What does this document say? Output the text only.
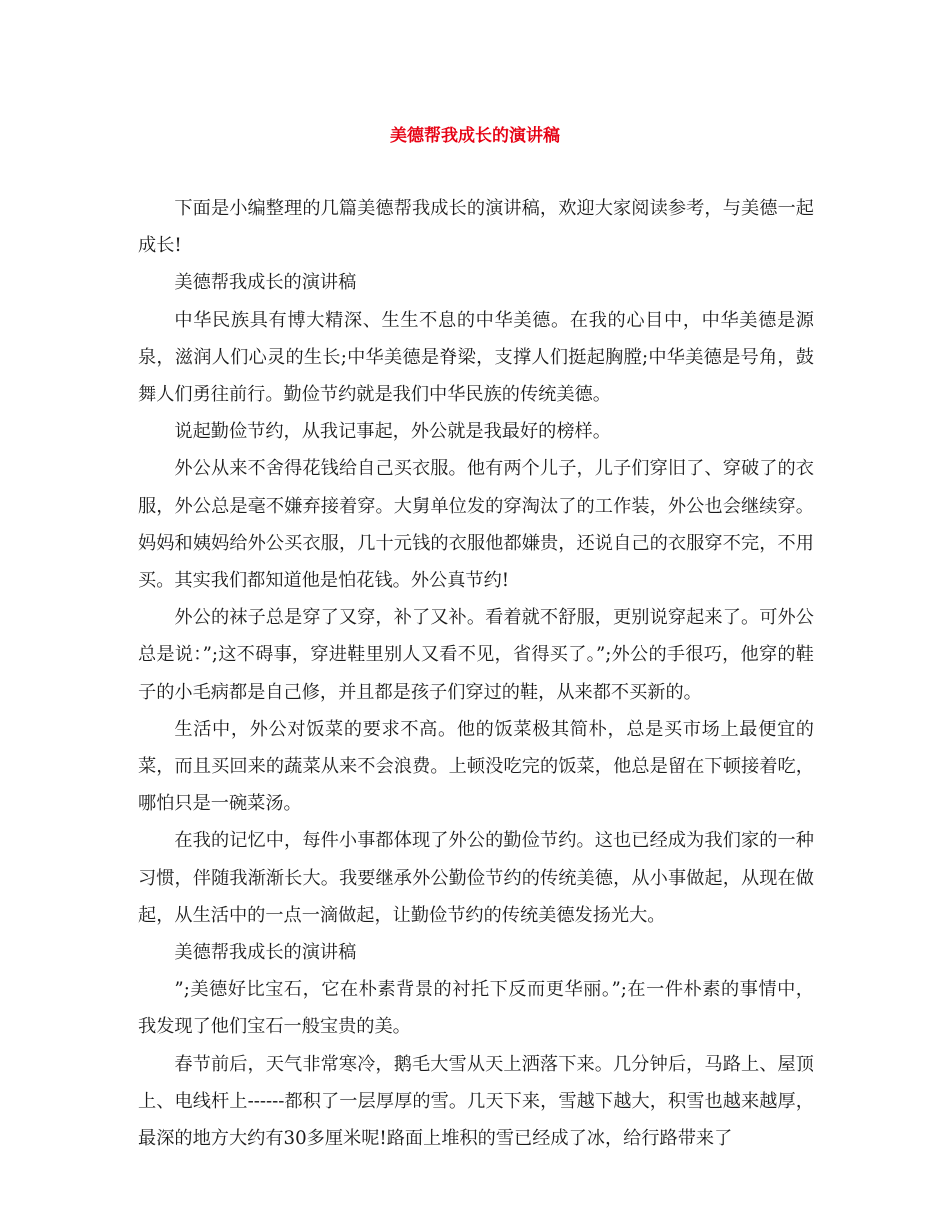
美德帮我成长的演讲稿

下面是小编整理的几篇美德帮我成长的演讲稿，欢迎大家阅读参考，与美德一起成长!

美德帮我成长的演讲稿

中华民族具有博大精深、生生不息的中华美德。在我的心目中，中华美德是源泉，滋润人们心灵的生长;中华美德是脊梁，支撑人们挺起胸膛;中华美德是号角，鼓舞人们勇往前行。勤俭节约就是我们中华民族的传统美德。

说起勤俭节约，从我记事起，外公就是我最好的榜样。

外公从来不舍得花钱给自己买衣服。他有两个儿子，儿子们穿旧了、穿破了的衣服，外公总是毫不嫌弃接着穿。大舅单位发的穿淘汰了的工作装，外公也会继续穿。妈妈和姨妈给外公买衣服，几十元钱的衣服他都嫌贵，还说自己的衣服穿不完，不用买。其实我们都知道他是怕花钱。外公真节约!

外公的袜子总是穿了又穿，补了又补。看着就不舒服，更别说穿起来了。可外公总是说：”;这不碍事，穿进鞋里别人又看不见，省得买了。”;外公的手很巧，他穿的鞋子的小毛病都是自己修，并且都是孩子们穿过的鞋，从来都不买新的。

生活中，外公对饭菜的要求不高。他的饭菜极其简朴，总是买市场上最便宜的菜，而且买回来的蔬菜从来不会浪费。上顿没吃完的饭菜，他总是留在下顿接着吃，哪怕只是一碗菜汤。

在我的记忆中，每件小事都体现了外公的勤俭节约。这也已经成为我们家的一种习惯，伴随我渐渐长大。我要继承外公勤俭节约的传统美德，从小事做起，从现在做起，从生活中的一点一滴做起，让勤俭节约的传统美德发扬光大。

美德帮我成长的演讲稿

”;美德好比宝石，它在朴素背景的衬托下反而更华丽。”;在一件朴素的事情中，我发现了他们宝石一般宝贵的美。

春节前后，天气非常寒冷，鹅毛大雪从天上洒落下来。几分钟后，马路上、屋顶上、电线杆上------都积了一层厚厚的雪。几天下来，雪越下越大，积雪也越来越厚，最深的地方大约有30多厘米呢!路面上堆积的雪已经成了冰，给行路带来了
